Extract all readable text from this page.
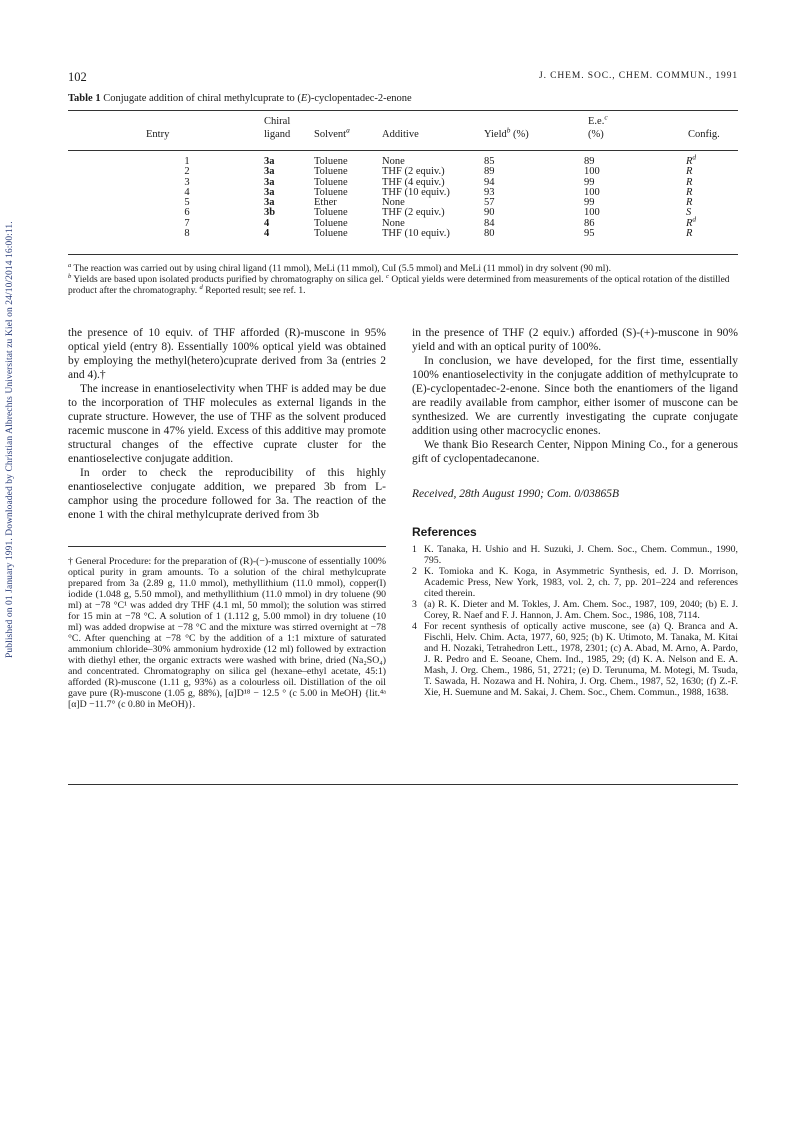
Published on 01 January 1991. Downloaded by Christian Albrechts Universitat zu Kiel on 24/10/2014 16:00:11.
102	J. CHEM. SOC., CHEM. COMMUN., 1991
Table 1 Conjugate addition of chiral methylcuprate to (E)-cyclopentadec-2-enone
	Chiral				E.e.$^c$	
Entry	ligand	Solvent$^a$	Additive	Yield$^b$ (%)	(%)	Config.
1	3a	Toluene	None	85	89	$R^d$
2	3a	Toluene	THF (2 equiv.)	89	100	R
3	3a	Toluene	THF (4 equiv.)	94	99	R
4	3a	Toluene	THF (10 equiv.)	93	100	R
5	3a	Ether	None	57	99	R
6	3b	Toluene	THF (2 equiv.)	90	100	S
7	4	Toluene	None	84	86	$R^d$
8	4	Toluene	THF (10 equiv.)	80	95	R
$^a$ The reaction was carried out by using chiral ligand (11 mmol), MeLi (11 mmol), CuI (5.5 mmol) and MeLi (11 mmol) in dry solvent (90 ml).
$^b$ Yields are based upon isolated products purified by chromatography on silica gel. $^c$ Optical yields were determined from measurements of the optical rotation of the distilled product after the chromatography. $^d$ Reported result; see ref. 1.

the presence of 10 equiv. of THF afforded (R)-muscone in 95% optical yield (entry 8). Essentially 100% optical yield was obtained by employing the methyl(hetero)cuprate derived from 3a (entries 2 and 4).†

The increase in enantioselectivity when THF is added may be due to the incorporation of THF molecules as external ligands in the cuprate structure. However, the use of THF as the solvent produced racemic muscone in 47% yield. Excess of this additive may promote structural changes of the effective cuprate cluster for the enantioselective conjugate addition.

In order to check the reproducibility of this highly enantioselective conjugate addition, we prepared 3b from L-camphor using the procedure followed for 3a. The reaction of the enone 1 with the chiral methylcuprate derived from 3b

in the presence of THF (2 equiv.) afforded (S)-(+)-muscone in 90% yield and with an optical purity of 100%.

In conclusion, we have developed, for the first time, essentially 100% enantioselectivity in the conjugate addition of methylcuprate to (E)-cyclopentadec-2-enone. Since both the enantiomers of the ligand are readily available from camphor, either isomer of muscone can be synthesized. We are currently investigating the cuprate conjugate addition using other macrocyclic enones.

We thank Bio Research Center, Nippon Mining Co., for a generous gift of cyclopentadecanone.

Received, 28th August 1990; Com. 0/03865B
References
1 K. Tanaka, H. Ushio and H. Suzuki, J. Chem. Soc., Chem. Commun., 1990, 795.
2 K. Tomioka and K. Koga, in Asymmetric Synthesis, ed. J. D. Morrison, Academic Press, New York, 1983, vol. 2, ch. 7, pp. 201–224 and references cited therein.
3 (a) R. K. Dieter and M. Tokles, J. Am. Chem. Soc., 1987, 109, 2040; (b) E. J. Corey, R. Naef and F. J. Hannon, J. Am. Chem. Soc., 1986, 108, 7114.
4 For recent synthesis of optically active muscone, see (a) Q. Branca and A. Fischli, Helv. Chim. Acta, 1977, 60, 925; (b) K. Utimoto, M. Tanaka, M. Kitai and H. Nozaki, Tetrahedron Lett., 1978, 2301; (c) A. Abad, M. Arno, A. Pardo, J. R. Pedro and E. Seoane, Chem. Ind., 1985, 29; (d) K. A. Nelson and E. A. Mash, J. Org. Chem., 1986, 51, 2721; (e) D. Terunuma, M. Motegi, M. Tsuda, T. Sawada, H. Nozawa and H. Nohira, J. Org. Chem., 1987, 52, 1630; (f) Z.-F. Xie, H. Suemune and M. Sakai, J. Chem. Soc., Chem. Commun., 1988, 1638.

† General Procedure: for the preparation of (R)-(−)-muscone of essentially 100% optical purity in gram amounts. To a solution of the chiral methylcuprate prepared from 3a (2.89 g, 11.0 mmol), methyllithium (11.0 mmol), copper(I) iodide (1.048 g, 5.50 mmol), and methyllithium (11.0 mmol) in dry toluene (90 ml) at −78 °C¹ was added dry THF (4.1 ml, 50 mmol); the solution was stirred for 15 min at −78 °C. A solution of 1 (1.112 g, 5.00 mmol) in dry toluene (10 ml) was added dropwise at −78 °C and the mixture was stirred overnight at −78 °C. After quenching at −78 °C by the addition of a 1:1 mixture of saturated ammonium chloride–30% ammonium hydroxide (12 ml) followed by extraction with diethyl ether, the organic extracts were washed with brine, dried (Na₂SO₄) and concentrated. Chromatography on silica gel (hexane–ethyl acetate, 45:1) afforded (R)-muscone (1.11 g, 93%) as a colourless oil. Distillation of the oil gave pure (R)-muscone (1.05 g, 88%), [α]D¹⁸ − 12.5 ° (c 5.00 in MeOH) {lit.⁴ᵃ [α]D −11.7° (c 0.80 in MeOH)}.
